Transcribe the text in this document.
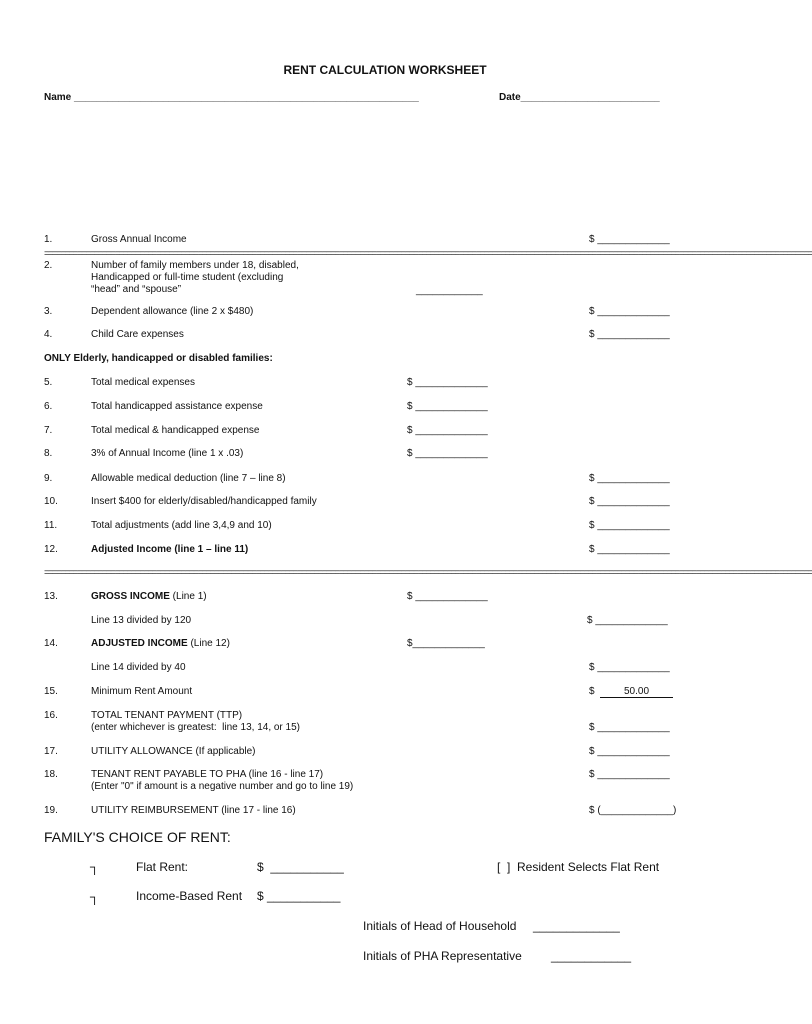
RENT CALCULATION WORKSHEET
Name ______________________________________________________________	Date_________________________
1.	Gross Annual Income	$ _____________
=========================================================================================================================================================================================
2.	Number of family members under 18, disabled,
Handicapped or full-time student (excluding
“head” and “spouse”	____________
3.	Dependent allowance (line 2 x $480)	$ _____________
4.	Child Care expenses	$ _____________
ONLY Elderly, handicapped or disabled families:
5.	Total medical expenses	$ _____________
6.	Total handicapped assistance expense	$ _____________
7.	Total medical & handicapped expense	$ _____________
8.	3% of Annual Income (line 1 x .03)	$ _____________
9.	Allowable medical deduction (line 7 – line 8)	$ _____________
10.	Insert $400 for elderly/disabled/handicapped family	$ _____________
11.	Total adjustments (add line 3,4,9 and 10)	$ _____________
12.	Adjusted Income (line 1 – line 11)	$ _____________
=========================================================================================================================================================================================
13.	GROSS INCOME (Line 1)	$ _____________
Line 13 divided by 120	$ _____________
14.	ADJUSTED INCOME (Line 12)	$_____________
Line 14 divided by 40	$ _____________
15.	Minimum Rent Amount	$	50.00
16.	TOTAL TENANT PAYMENT (TTP)
(enter whichever is greatest:  line 13, 14, or 15)	$ _____________
17.	UTILITY ALLOWANCE (If applicable)	$ _____________
18.	TENANT RENT PAYABLE TO PHA (line 16 - line 17)
(Enter "0" if amount is a negative number and go to line 19)
$ _____________
19.	UTILITY REIMBURSEMENT (line 17 - line 16)	$ (_____________)
FAMILY'S CHOICE OF RENT:
┐	Flat Rent:	$  ___________	[  ]  Resident Selects Flat Rent
┐	Income-Based Rent $ ___________
Initials of Head of Household _____________
Initials of PHA Representative ____________
